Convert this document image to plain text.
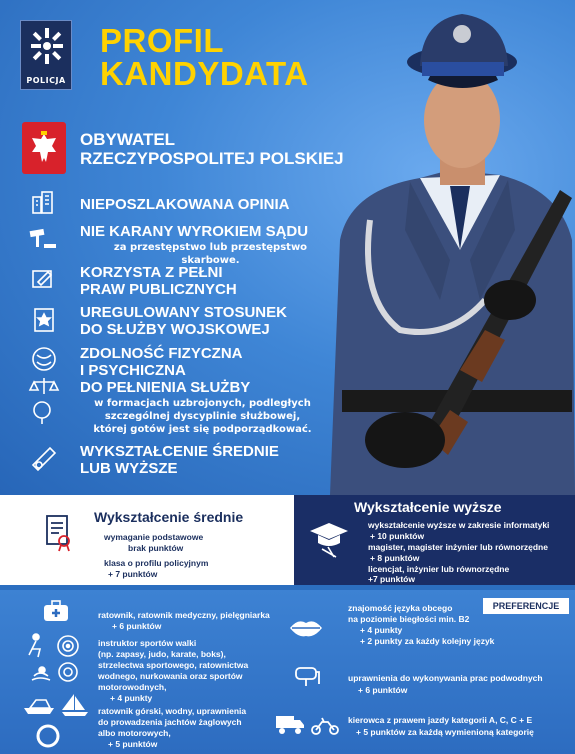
POLICJA
PROFIL
KANDYDATA
OBYWATEL
RZECZYPOSPOLITEJ POLSKIEJ
NIEPOSZLAKOWANA OPINIA
NIE KARANY WYROKIEM SĄDU
za przestępstwo lub przestępstwo skarbowe.
KORZYSTA Z PEŁNI
PRAW PUBLICZNYCH
UREGULOWANY STOSUNEK
DO SŁUŻBY WOJSKOWEJ
ZDOLNOŚĆ FIZYCZNA
I PSYCHICZNA
DO PEŁNIENIA SŁUŻBY
w formacjach uzbrojonych, podległych
szczególnej dyscyplinie służbowej,
której gotów jest się podporządkować.
WYKSZTAŁCENIE ŚREDNIE
LUB WYŻSZE
Wykształcenie średnie
wymaganie podstawowe
brak punktów
klasa o profilu policyjnym
+ 7 punktów
Wykształcenie wyższe
wykształcenie wyższe w zakresie informatyki
+ 10 punktów
magister, magister inżynier lub równorzędne
+ 8 punktów
licencjat, inżynier lub równorzędne
+7 punktów
PREFERENCJE
ratownik, ratownik medyczny, pielęgniarka
+ 6 punktów
instruktor sportów walki
(np. zapasy, judo, karate, boks),
strzelectwa sportowego, ratownictwa
wodnego, nurkowania oraz sportów
motorowodnych,
+ 4 punkty
ratownik górski, wodny, uprawnienia
do prowadzenia jachtów żaglowych
albo motorowych,
+ 5 punktów
znajomość języka obcego
na poziomie biegłości min. B2
+ 4 punkty
+ 2 punkty za każdy kolejny język
uprawnienia do wykonywania prac podwodnych
+ 6 punktów
kierowca z prawem jazdy kategorii A, C, C + E
+ 5 punktów za każdą wymienioną kategorię
